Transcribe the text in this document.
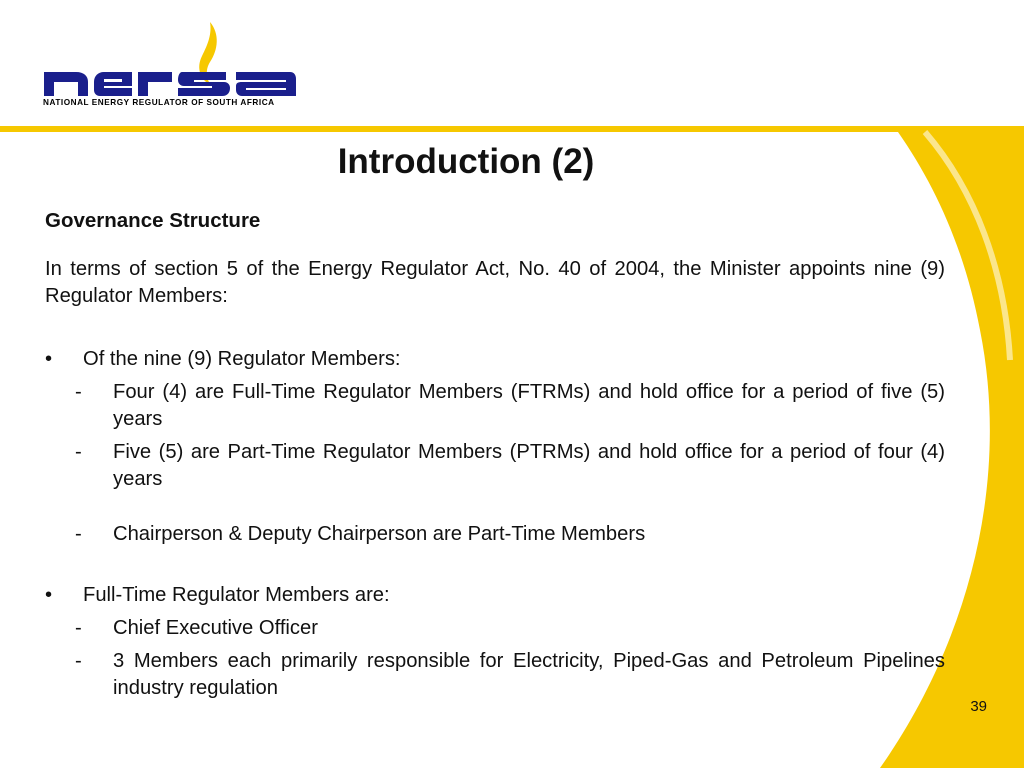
NATIONAL ENERGY REGULATOR OF SOUTH AFRICA
Introduction (2)

Governance Structure

In terms of section 5 of the Energy Regulator Act, No. 40 of 2004, the Minister appoints nine (9) Regulator Members:

• Of the nine (9) Regulator Members:
- Four (4) are Full-Time Regulator Members (FTRMs) and hold office for a period of five (5) years
- Five (5) are Part-Time Regulator Members (PTRMs) and hold office for a period of four (4) years
- Chairperson & Deputy Chairperson are Part-Time Members
• Full-Time Regulator Members are:
- Chief Executive Officer
- 3 Members each primarily responsible for Electricity, Piped-Gas and Petroleum Pipelines industry regulation
39
